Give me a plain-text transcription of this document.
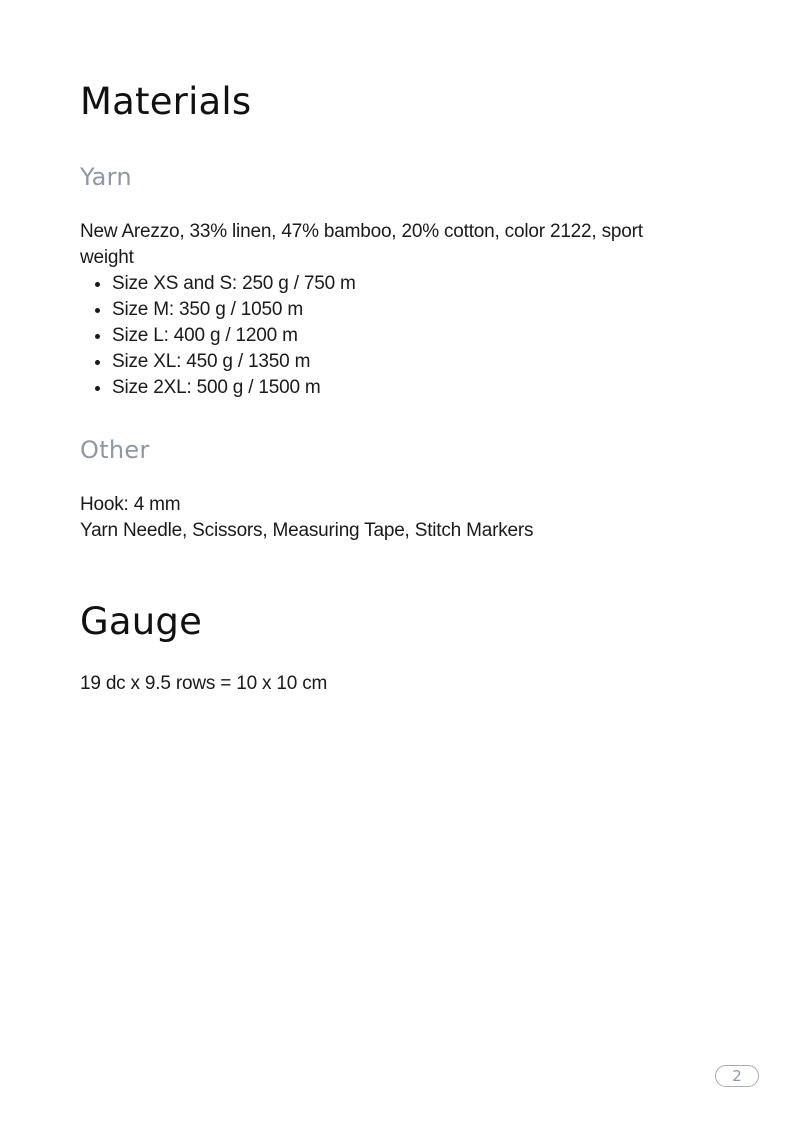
Materials
Yarn

New Arezzo, 33% linen, 47% bamboo, 20% cotton, color 2122, sport weight

• Size XS and S: 250 g / 750 m
• Size M: 350 g / 1050 m
• Size L: 400 g / 1200 m
• Size XL: 450 g / 1350 m
• Size 2XL: 500 g / 1500 m
Other

Hook: 4 mm

Yarn Needle, Scissors, Measuring Tape, Stitch Markers

Gauge

19 dc x 9.5 rows = 10 x 10 cm

2
